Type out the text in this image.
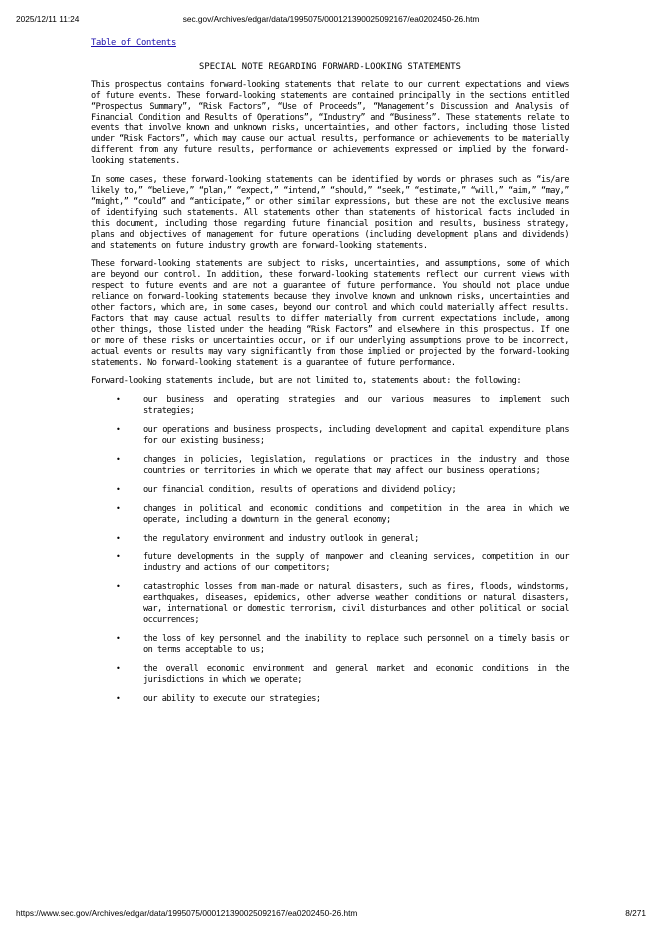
2025/12/11 11:24	sec.gov/Archives/edgar/data/1995075/000121390025092167/ea0202450-26.htm
Table of Contents
SPECIAL NOTE REGARDING FORWARD-LOOKING STATEMENTS

This prospectus contains forward-looking statements that relate to our current expectations and views of future events. These forward-looking statements are contained principally in the sections entitled “Prospectus Summary”, “Risk Factors”, “Use of Proceeds”, “Management’s Discussion and Analysis of Financial Condition and Results of Operations”, “Industry” and “Business”. These statements relate to events that involve known and unknown risks, uncertainties, and other factors, including those listed under “Risk Factors”, which may cause our actual results, performance or achievements to be materially different from any future results, performance or achievements expressed or implied by the forward-looking statements.

In some cases, these forward-looking statements can be identified by words or phrases such as “is/are likely to,” “believe,” “plan,” “expect,” “intend,” “should,” “seek,” “estimate,” “will,” “aim,” “may,” “might,” “could” and “anticipate,” or other similar expressions, but these are not the exclusive means of identifying such statements. All statements other than statements of historical facts included in this document, including those regarding future financial position and results, business strategy, plans and objectives of management for future operations (including development plans and dividends) and statements on future industry growth are forward-looking statements.

These forward-looking statements are subject to risks, uncertainties, and assumptions, some of which are beyond our control. In addition, these forward-looking statements reflect our current views with respect to future events and are not a guarantee of future performance. You should not place undue reliance on forward-looking statements because they involve known and unknown risks, uncertainties and other factors, which are, in some cases, beyond our control and which could materially affect results. Factors that may cause actual results to differ materially from current expectations include, among other things, those listed under the heading “Risk Factors” and elsewhere in this prospectus. If one or more of these risks or uncertainties occur, or if our underlying assumptions prove to be incorrect, actual events or results may vary significantly from those implied or projected by the forward-looking statements. No forward-looking statement is a guarantee of future performance.

Forward-looking statements include, but are not limited to, statements about: the following:

•	our business and operating strategies and our various measures to implement such strategies;
•	our operations and business prospects, including development and capital expenditure plans for our existing business;
•	changes in policies, legislation, regulations or practices in the industry and those countries or territories in which we operate that may affect our business operations;
•	our financial condition, results of operations and dividend policy;
•	changes in political and economic conditions and competition in the area in which we operate, including a downturn in the general economy;
•	the regulatory environment and industry outlook in general;
•	future developments in the supply of manpower and cleaning services, competition in our industry and actions of our competitors;
•	catastrophic losses from man-made or natural disasters, such as fires, floods, windstorms, earthquakes, diseases, epidemics, other adverse weather conditions or natural disasters, war, international or domestic terrorism, civil disturbances and other political or social occurrences;
•	the loss of key personnel and the inability to replace such personnel on a timely basis or on terms acceptable to us;
•	the overall economic environment and general market and economic conditions in the jurisdictions in which we operate;
•	our ability to execute our strategies;
https://www.sec.gov/Archives/edgar/data/1995075/000121390025092167/ea0202450-26.htm	8/271
